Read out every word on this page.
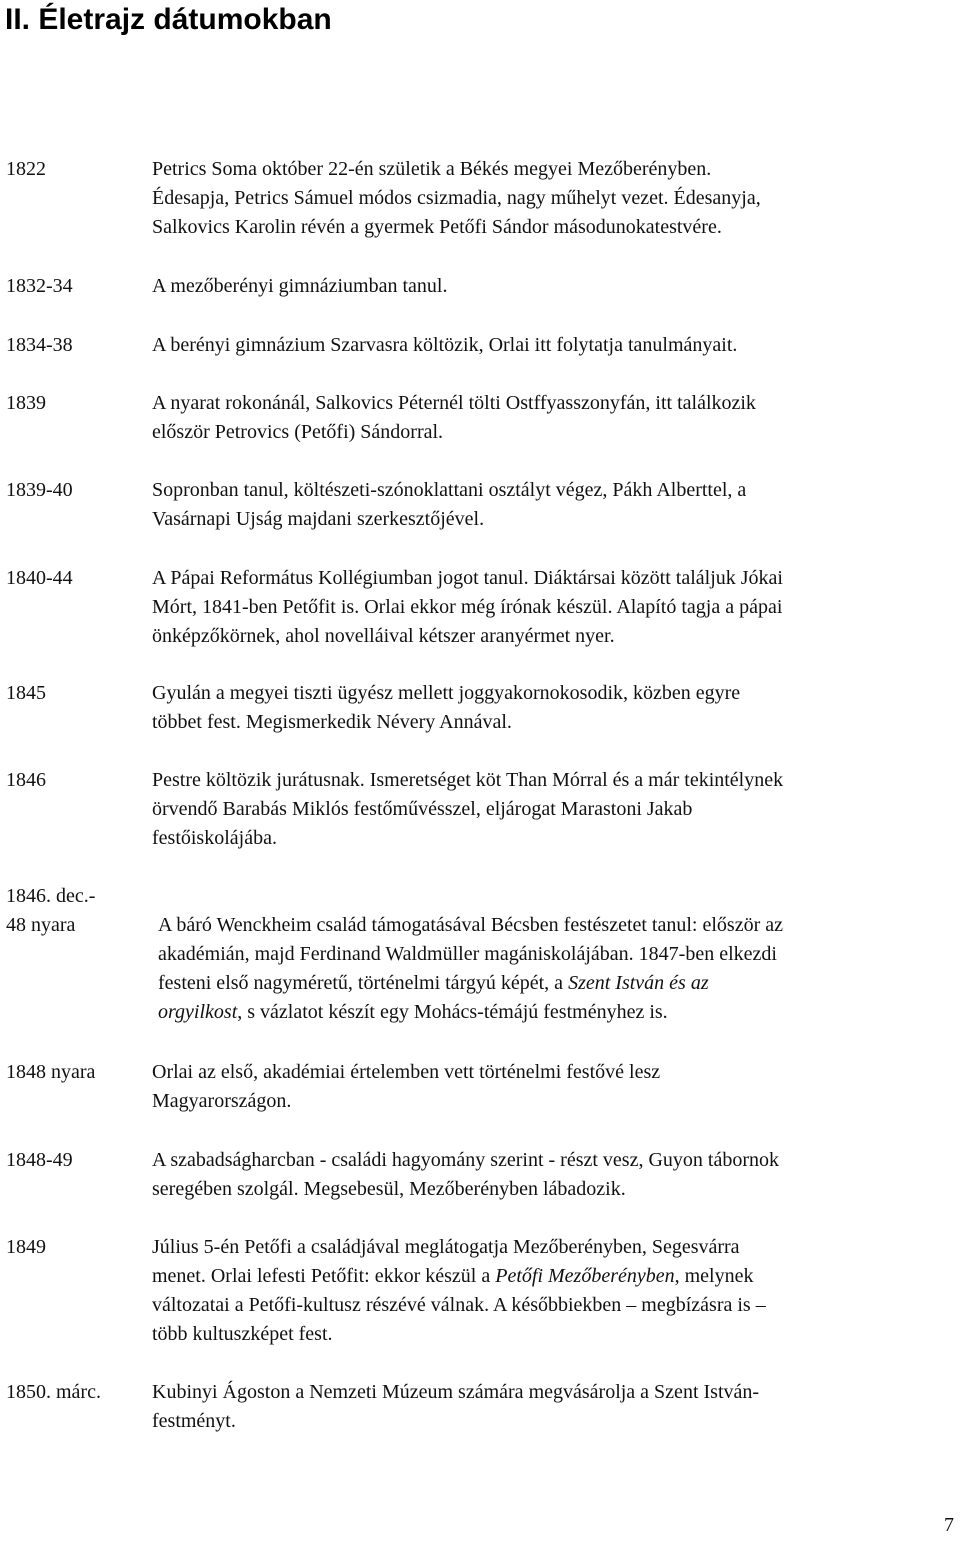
II. Életrajz dátumokban
1822	Petrics Soma október 22-én születik a Békés megyei Mezőberényben.
Édesapja, Petrics Sámuel módos csizmadia, nagy műhelyt vezet. Édesanyja,
Salkovics Karolin révén a gyermek Petőfi Sándor másodunokatestvére.
1832-34	A mezőberényi gimnáziumban tanul.
1834-38	A berényi gimnázium Szarvasra költözik, Orlai itt folytatja tanulmányait.
1839	A nyarat rokonánál, Salkovics Péternél tölti Ostffyasszonyfán, itt találkozik
először Petrovics (Petőfi) Sándorral.
1839-40	Sopronban tanul, költészeti-szónoklattani osztályt végez, Pákh Alberttel, a
Vasárnapi Ujság majdani szerkesztőjével.
1840-44	A Pápai Református Kollégiumban jogot tanul. Diáktársai között találjuk Jókai
Mórt, 1841-ben Petőfit is. Orlai ekkor még írónak készül. Alapító tagja a pápai
önképzőkörnek, ahol novelláival kétszer aranyérmet nyer.
1845	Gyulán a megyei tiszti ügyész mellett joggyakornokosodik, közben egyre
többet fest. Megismerkedik Névery Annával.
1846	Pestre költözik jurátusnak. Ismeretséget köt Than Mórral és a már tekintélynek
örvendő Barabás Miklós festőművésszel, eljárogat Marastoni Jakab
festőiskolájába.
1846. dec.-
48 nyara	A báró Wenckheim család támogatásával Bécsben festészetet tanul: először az
akadémián, majd Ferdinand Waldmüller magániskolájában. 1847-ben elkezdi
festeni első nagyméretű, történelmi tárgyú képét, a Szent István és az
orgyilkost, s vázlatot készít egy Mohács-témájú festményhez is.
1848 nyara	Orlai az első, akadémiai értelemben vett történelmi festővé lesz
Magyarországon.
1848-49	A szabadságharcban - családi hagyomány szerint - részt vesz, Guyon tábornok
seregében szolgál. Megsebesül, Mezőberényben lábadozik.
1849	Július 5-én Petőfi a családjával meglátogatja Mezőberényben, Segesvárra
menet. Orlai lefesti Petőfit: ekkor készül a Petőfi Mezőberényben, melynek
változatai a Petőfi-kultusz részévé válnak. A későbbiekben – megbízásra is –
több kultuszképet fest.
1850. márc.	Kubinyi Ágoston a Nemzeti Múzeum számára megvásárolja a Szent István-
festményt.
7
